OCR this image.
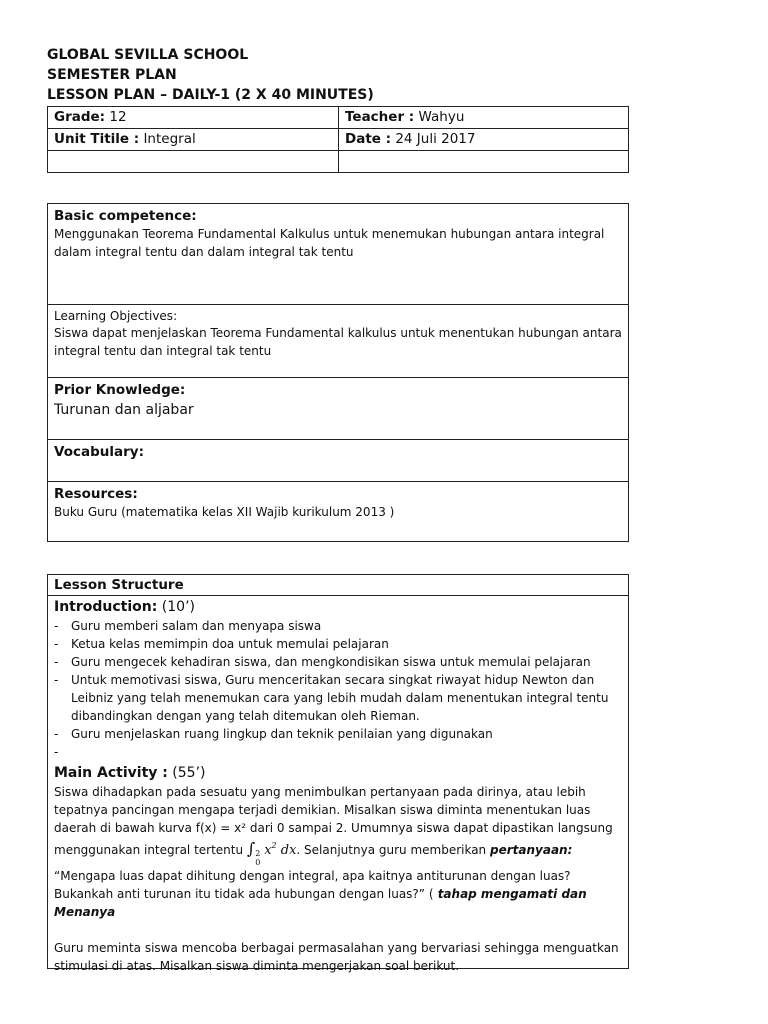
GLOBAL SEVILLA SCHOOL
SEMESTER PLAN
LESSON PLAN – DAILY-1 (2 X 40 MINUTES)
Grade: 12	Teacher : Wahyu

Unit Titile : Integral	Date : 24 Juli 2017

Basic competence:
Menggunakan Teorema Fundamental Kalkulus untuk menemukan hubungan antara integral dalam integral tentu dan dalam integral tak tentu
Learning Objectives:
Siswa dapat menjelaskan Teorema Fundamental kalkulus untuk menentukan hubungan antara integral tentu dan integral tak tentu
Prior Knowledge:
Turunan dan aljabar
Vocabulary:
Resources:
Buku Guru (matematika kelas XII Wajib kurikulum 2013 )
Lesson Structure
Introduction: (10’)
- Guru memberi salam dan menyapa siswa
- Ketua kelas memimpin doa untuk memulai pelajaran
- Guru mengecek kehadiran siswa, dan mengkondisikan siswa untuk memulai pelajaran
- Untuk memotivasi siswa, Guru menceritakan secara singkat riwayat hidup Newton dan Leibniz yang telah menemukan cara yang lebih mudah dalam menentukan integral tentu dibandingkan dengan yang telah ditemukan oleh Rieman.
- Guru menjelaskan ruang lingkup dan teknik penilaian yang digunakan
-
Main Activity : (55’)
Siswa dihadapkan pada sesuatu yang menimbulkan pertanyaan pada dirinya, atau lebih tepatnya pancingan mengapa terjadi demikian. Misalkan siswa diminta menentukan luas daerah di bawah kurva f(x) = x² dari 0 sampai 2. Umumnya siswa dapat dipastikan langsung menggunakan integral tertentu ∫ 2
0
$x^2$ dx. Selanjutnya guru memberikan pertanyaan: “Mengapa luas dapat dihitung dengan integral, apa kaitnya antiturunan dengan luas? Bukankah anti turunan itu tidak ada hubungan dengan luas?” ( tahap mengamati dan Menanya
Guru meminta siswa mencoba berbagai permasalahan yang bervariasi sehingga menguatkan stimulasi di atas. Misalkan siswa diminta mengerjakan soal berikut.
